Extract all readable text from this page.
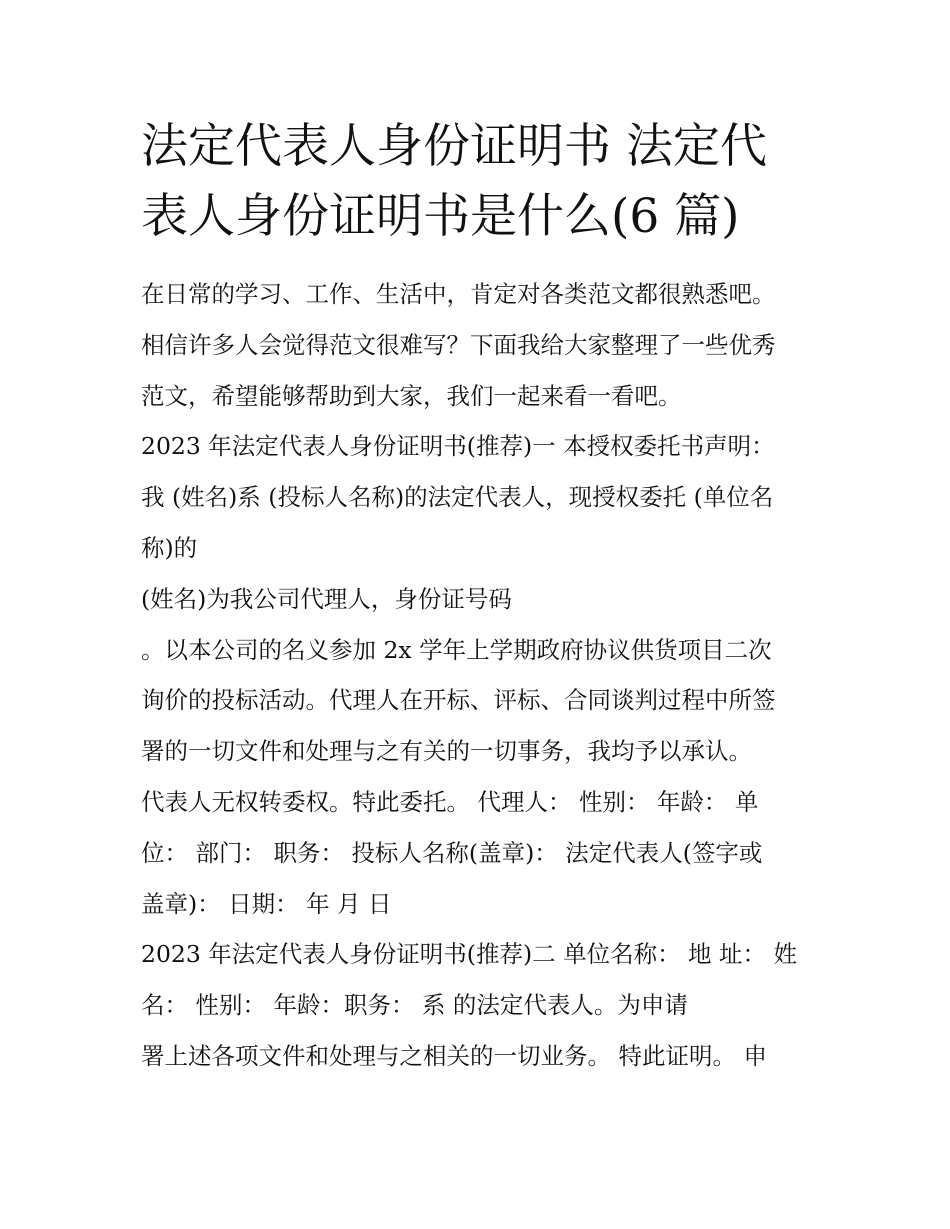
法定代表人身份证明书 法定代
表人身份证明书是什么(6 篇)
在日常的学习、工作、生活中，肯定对各类范文都很熟悉吧。
相信许多人会觉得范文很难写？下面我给大家整理了一些优秀
范文，希望能够帮助到大家，我们一起来看一看吧。
2023 年法定代表人身份证明书(推荐)一 本授权委托书声明：
我 (姓名)系 (投标人名称)的法定代表人，现授权委托 (单位名
称)的
(姓名)为我公司代理人，身份证号码
。以本公司的名义参加 2x 学年上学期政府协议供货项目二次
询价的投标活动。代理人在开标、评标、合同谈判过程中所签
署的一切文件和处理与之有关的一切事务，我均予以承认。
代表人无权转委权。特此委托。 代理人： 性别： 年龄： 单
位： 部门： 职务： 投标人名称(盖章)： 法定代表人(签字或
盖章)： 日期： 年 月 日
2023 年法定代表人身份证明书(推荐)二 单位名称： 地 址： 姓
名： 性别： 年龄：职务： 系 的法定代表人。为申请
署上述各项文件和处理与之相关的一切业务。 特此证明。 申
